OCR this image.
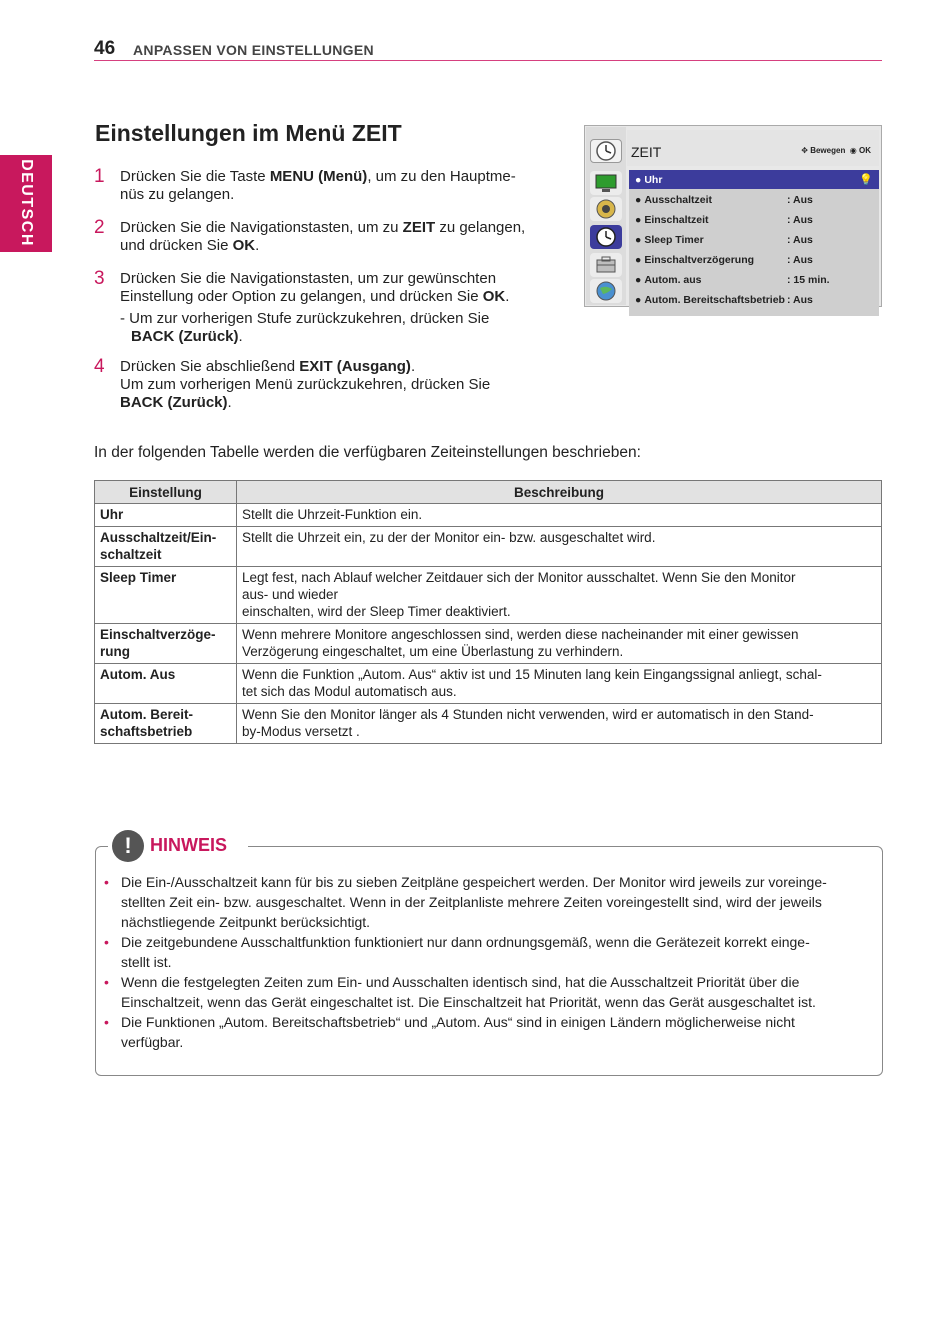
46 ANPASSEN VON EINSTELLUNGEN
DEUTSCH
Einstellungen im Menü ZEIT
1 Drücken Sie die Taste MENU (Menü), um zu den Hauptme-
nüs zu gelangen.
2 Drücken Sie die Navigationstasten, um zu ZEIT zu gelangen,
und drücken Sie OK.
3 Drücken Sie die Navigationstasten, um zur gewünschten
Einstellung oder Option zu gelangen, und drücken Sie OK.
- Um zur vorherigen Stufe zurückzukehren, drücken Sie
BACK (Zurück).
4 Drücken Sie abschließend EXIT (Ausgang).
Um zum vorherigen Menü zurückzukehren, drücken Sie
BACK (Zurück).
ZEIT	✥ Bewegen ◉ OK
● Uhr	💡
● Ausschaltzeit	: Aus
● Einschaltzeit	: Aus
● Sleep Timer	: Aus
● Einschaltverzögerung	: Aus
● Autom. aus	: 15 min.
● Autom. Bereitschaftsbetrieb : Aus
In der folgenden Tabelle werden die verfügbaren Zeiteinstellungen beschrieben:
Einstellung	Beschreibung
Uhr	Stellt die Uhrzeit-Funktion ein.
Ausschaltzeit/Ein-
schaltzeit	Stellt die Uhrzeit ein, zu der der Monitor ein- bzw. ausgeschaltet wird.
Sleep Timer	Legt fest, nach Ablauf welcher Zeitdauer sich der Monitor ausschaltet. Wenn Sie den Monitor
aus- und wieder
einschalten, wird der Sleep Timer deaktiviert.
Einschaltverzöge-
rung	Wenn mehrere Monitore angeschlossen sind, werden diese nacheinander mit einer gewissen
Verzögerung eingeschaltet, um eine Überlastung zu verhindern.
Autom. Aus	Wenn die Funktion „Autom. Aus“ aktiv ist und 15 Minuten lang kein Eingangssignal anliegt, schal-
tet sich das Modul automatisch aus.
Autom. Bereit-
schaftsbetrieb	Wenn Sie den Monitor länger als 4 Stunden nicht verwenden, wird er automatisch in den Stand-
by-Modus versetzt .
!	HINWEIS
• Die Ein-/Ausschaltzeit kann für bis zu sieben Zeitpläne gespeichert werden. Der Monitor wird jeweils zur voreinge-
stellten Zeit ein- bzw. ausgeschaltet. Wenn in der Zeitplanliste mehrere Zeiten voreingestellt sind, wird der jeweils
nächstliegende Zeitpunkt berücksichtigt.
• Die zeitgebundene Ausschaltfunktion funktioniert nur dann ordnungsgemäß, wenn die Gerätezeit korrekt einge-
stellt ist.
• Wenn die festgelegten Zeiten zum Ein- und Ausschalten identisch sind, hat die Ausschaltzeit Priorität über die
Einschaltzeit, wenn das Gerät eingeschaltet ist. Die Einschaltzeit hat Priorität, wenn das Gerät ausgeschaltet ist.
• Die Funktionen „Autom. Bereitschaftsbetrieb“ und „Autom. Aus“ sind in einigen Ländern möglicherweise nicht
verfügbar.
